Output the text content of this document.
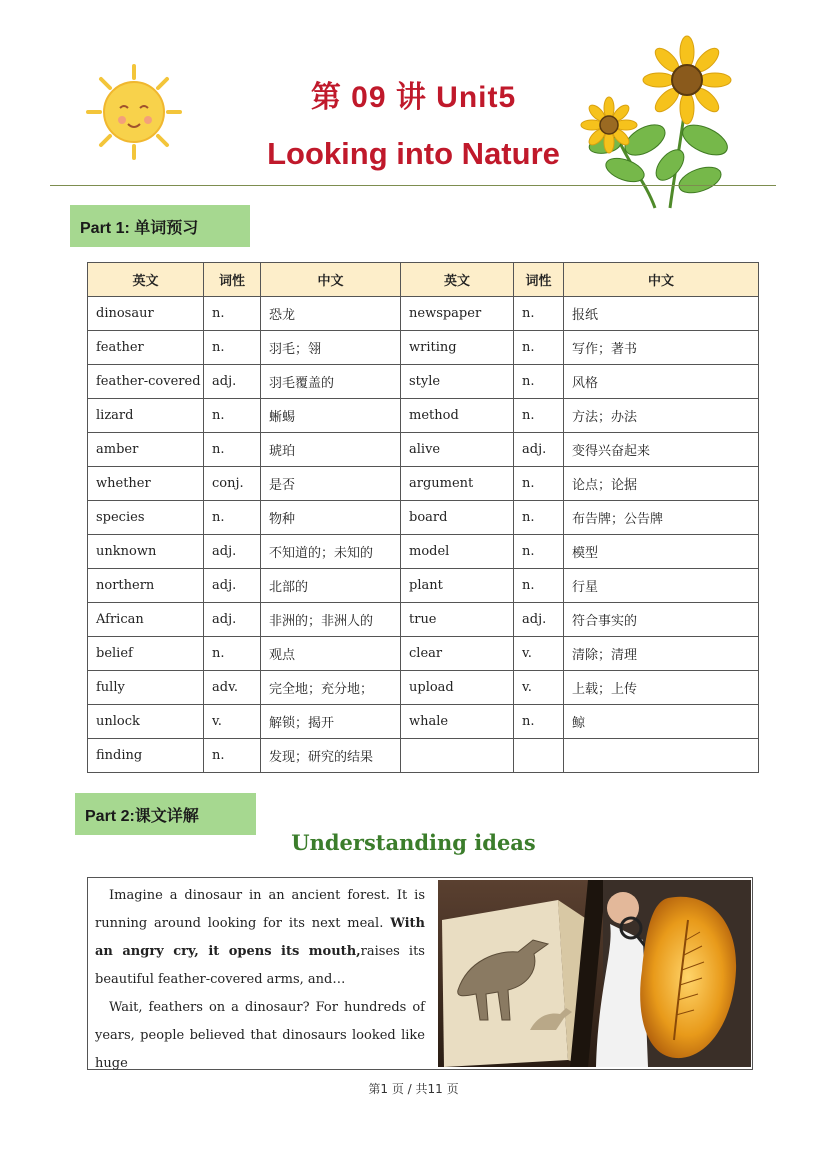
第 09 讲 Unit5
Looking into Nature
Part 1: 单词预习
英文	词性	中文	英文	词性	中文
dinosaur	n.	恐龙	newspaper	n.	报纸
feather	n.	羽毛；翎	writing	n.	写作；著书
feather-covered	adj.	羽毛覆盖的	style	n.	风格
lizard	n.	蜥蜴	method	n.	方法；办法
amber	n.	琥珀	alive	adj.	变得兴奋起来
whether	conj.	是否	argument	n.	论点；论据
species	n.	物种	board	n.	布告牌；公告牌
unknown	adj.	不知道的；未知的	model	n.	模型
northern	adj.	北部的	plant	n.	行星
African	adj.	非洲的；非洲人的	true	adj.	符合事实的
belief	n.	观点	clear	v.	清除；清理
fully	adv.	完全地；充分地；	upload	v.	上载；上传
unlock	v.	解锁；揭开	whale	n.	鲸
finding	n.	发现；研究的结果			
Part 2:课文详解
Understanding ideas

Imagine a dinosaur in an ancient forest. It is running around looking for its next meal. With an angry cry, it opens its mouth,raises its beautiful feather-covered arms, and…

Wait, feathers on a dinosaur? For hundreds of years, people believed that dinosaurs looked like huge

第1 页 / 共11 页
